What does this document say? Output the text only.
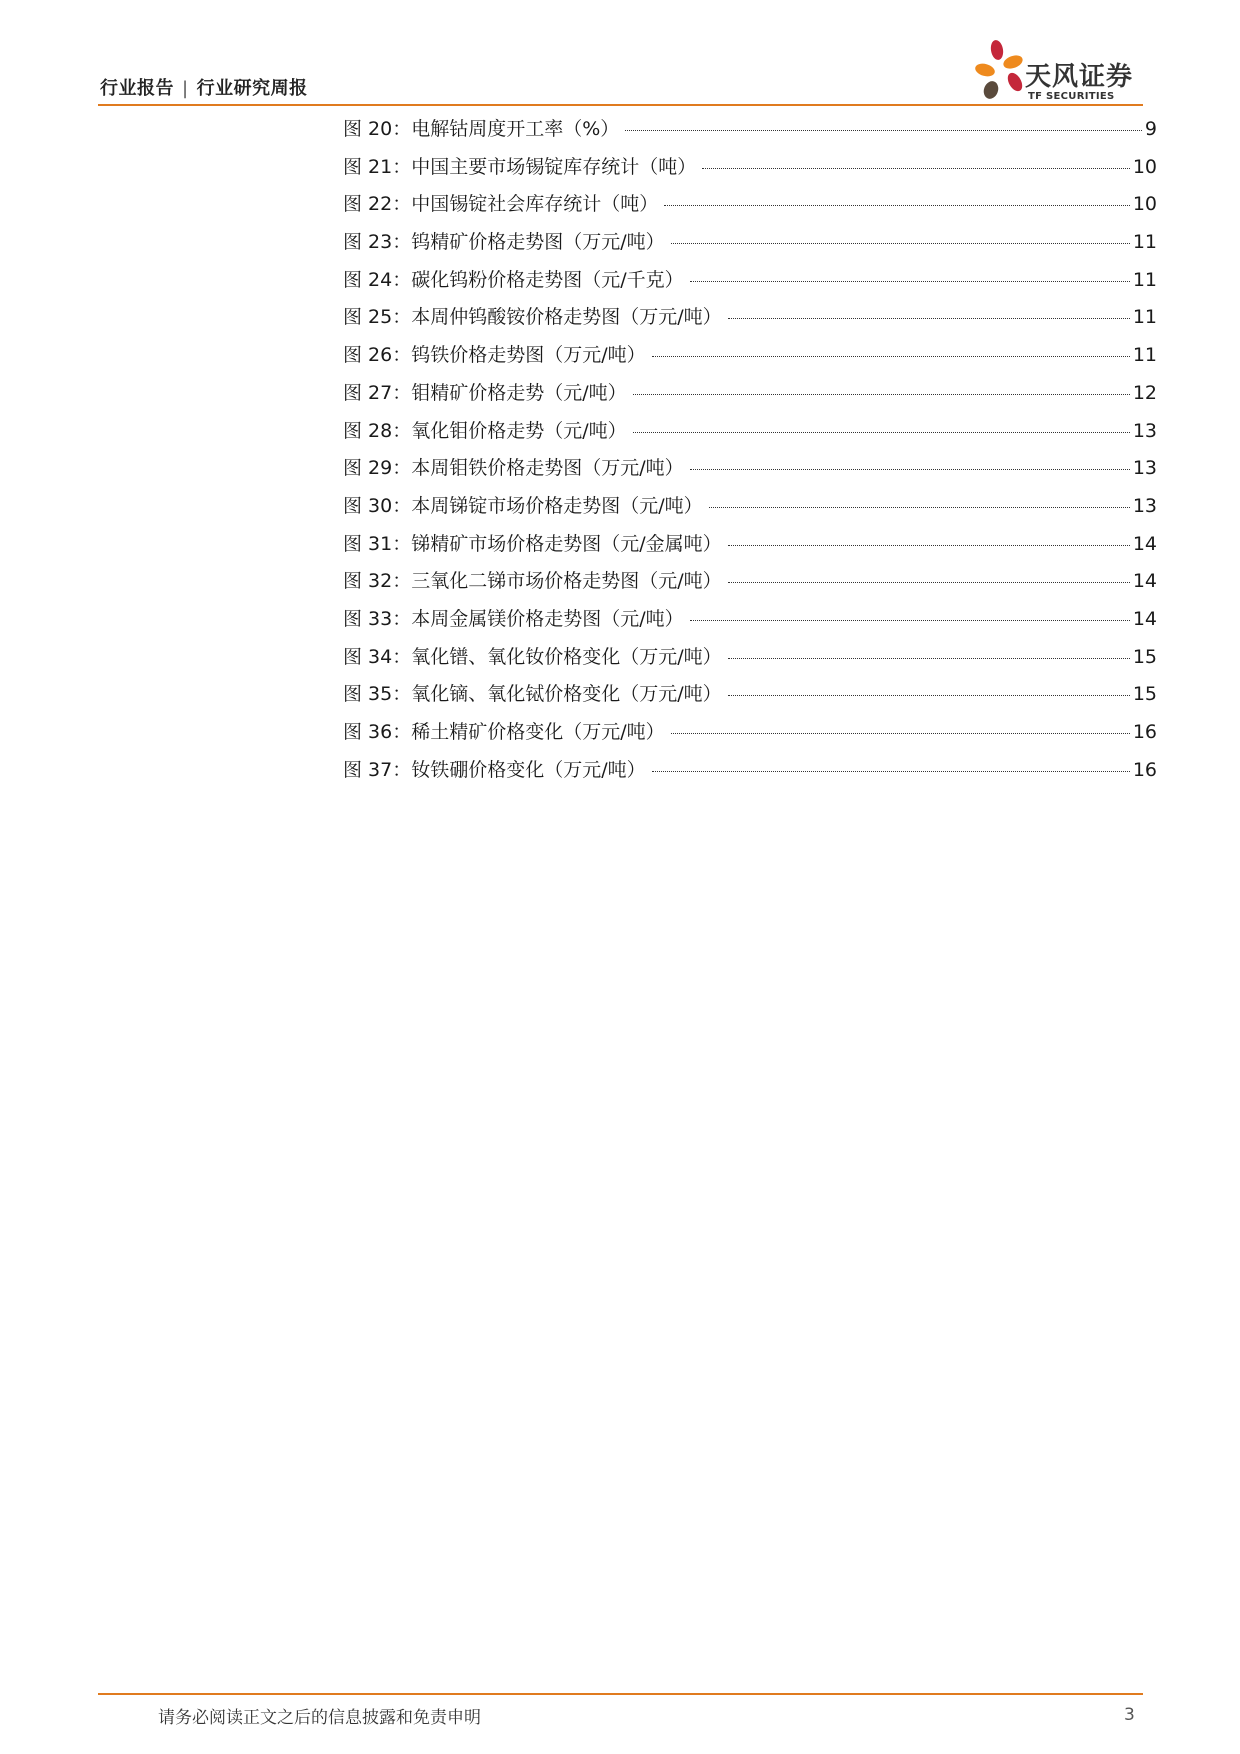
行业报告 | 行业研究周报	天风证券
TF SECURITIES
图 20：电解钴周度开工率（%）	9
图 21：中国主要市场锡锭库存统计（吨）	10
图 22：中国锡锭社会库存统计（吨）	10
图 23：钨精矿价格走势图（万元/吨）	11
图 24：碳化钨粉价格走势图（元/千克）	11
图 25：本周仲钨酸铵价格走势图（万元/吨）	11
图 26：钨铁价格走势图（万元/吨）	11
图 27：钼精矿价格走势（元/吨）	12
图 28：氧化钼价格走势（元/吨）	13
图 29：本周钼铁价格走势图（万元/吨）	13
图 30：本周锑锭市场价格走势图（元/吨）	13
图 31：锑精矿市场价格走势图（元/金属吨）	14
图 32：三氧化二锑市场价格走势图（元/吨）	14
图 33：本周金属镁价格走势图（元/吨）	14
图 34：氧化镨、氧化钕价格变化（万元/吨）	15
图 35：氧化镝、氧化铽价格变化（万元/吨）	15
图 36：稀土精矿价格变化（万元/吨）	16
图 37：钕铁硼价格变化（万元/吨）	16
请务必阅读正文之后的信息披露和免责申明	3
